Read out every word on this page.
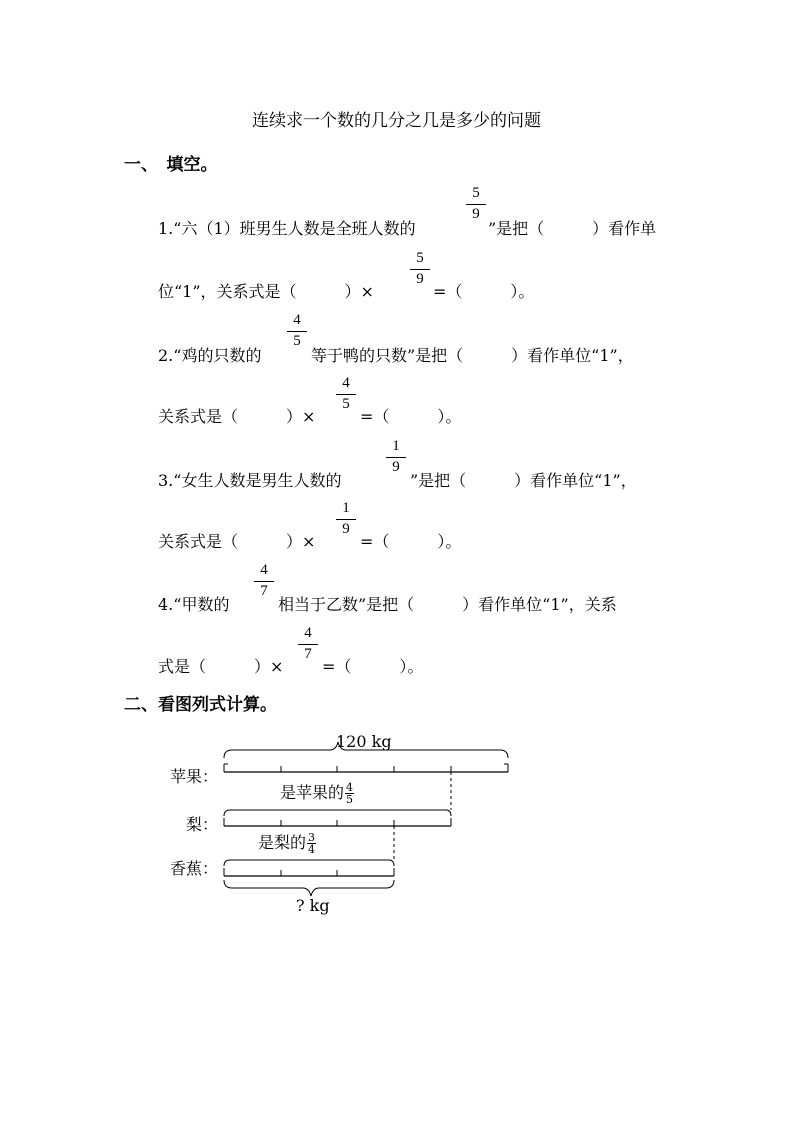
连续求一个数的几分之几是多少的问题
一、　填空。
$\frac{5}{9}$
1.“六（1）班男生人数是全班人数的	”是把（　　　）看作单
$\frac{5}{9}$
位“1”，关系式是（　　　）×	=（　　　）。
$\frac{4}{5}$
2.“鸡的只数的	等于鸭的只数”是把（　　　）看作单位“1”，
$\frac{4}{5}$
关系式是（　　　）×	=（　　　）。
$\frac{1}{9}$
3.“女生人数是男生人数的	”是把（　　　）看作单位“1”，
$\frac{1}{9}$
关系式是（　　　）×	=（　　　）。
$\frac{4}{7}$
4.“甲数的	相当于乙数”是把（　　　）看作单位“1”，关系
$\frac{4}{7}$
式是（　　　）× =（　　　）。
二、看图列式计算。
120 kg
苹果：
是苹果的 $\frac{4}{5}$
梨：
是梨的 $\frac{3}{4}$
香蕉：
? kg
